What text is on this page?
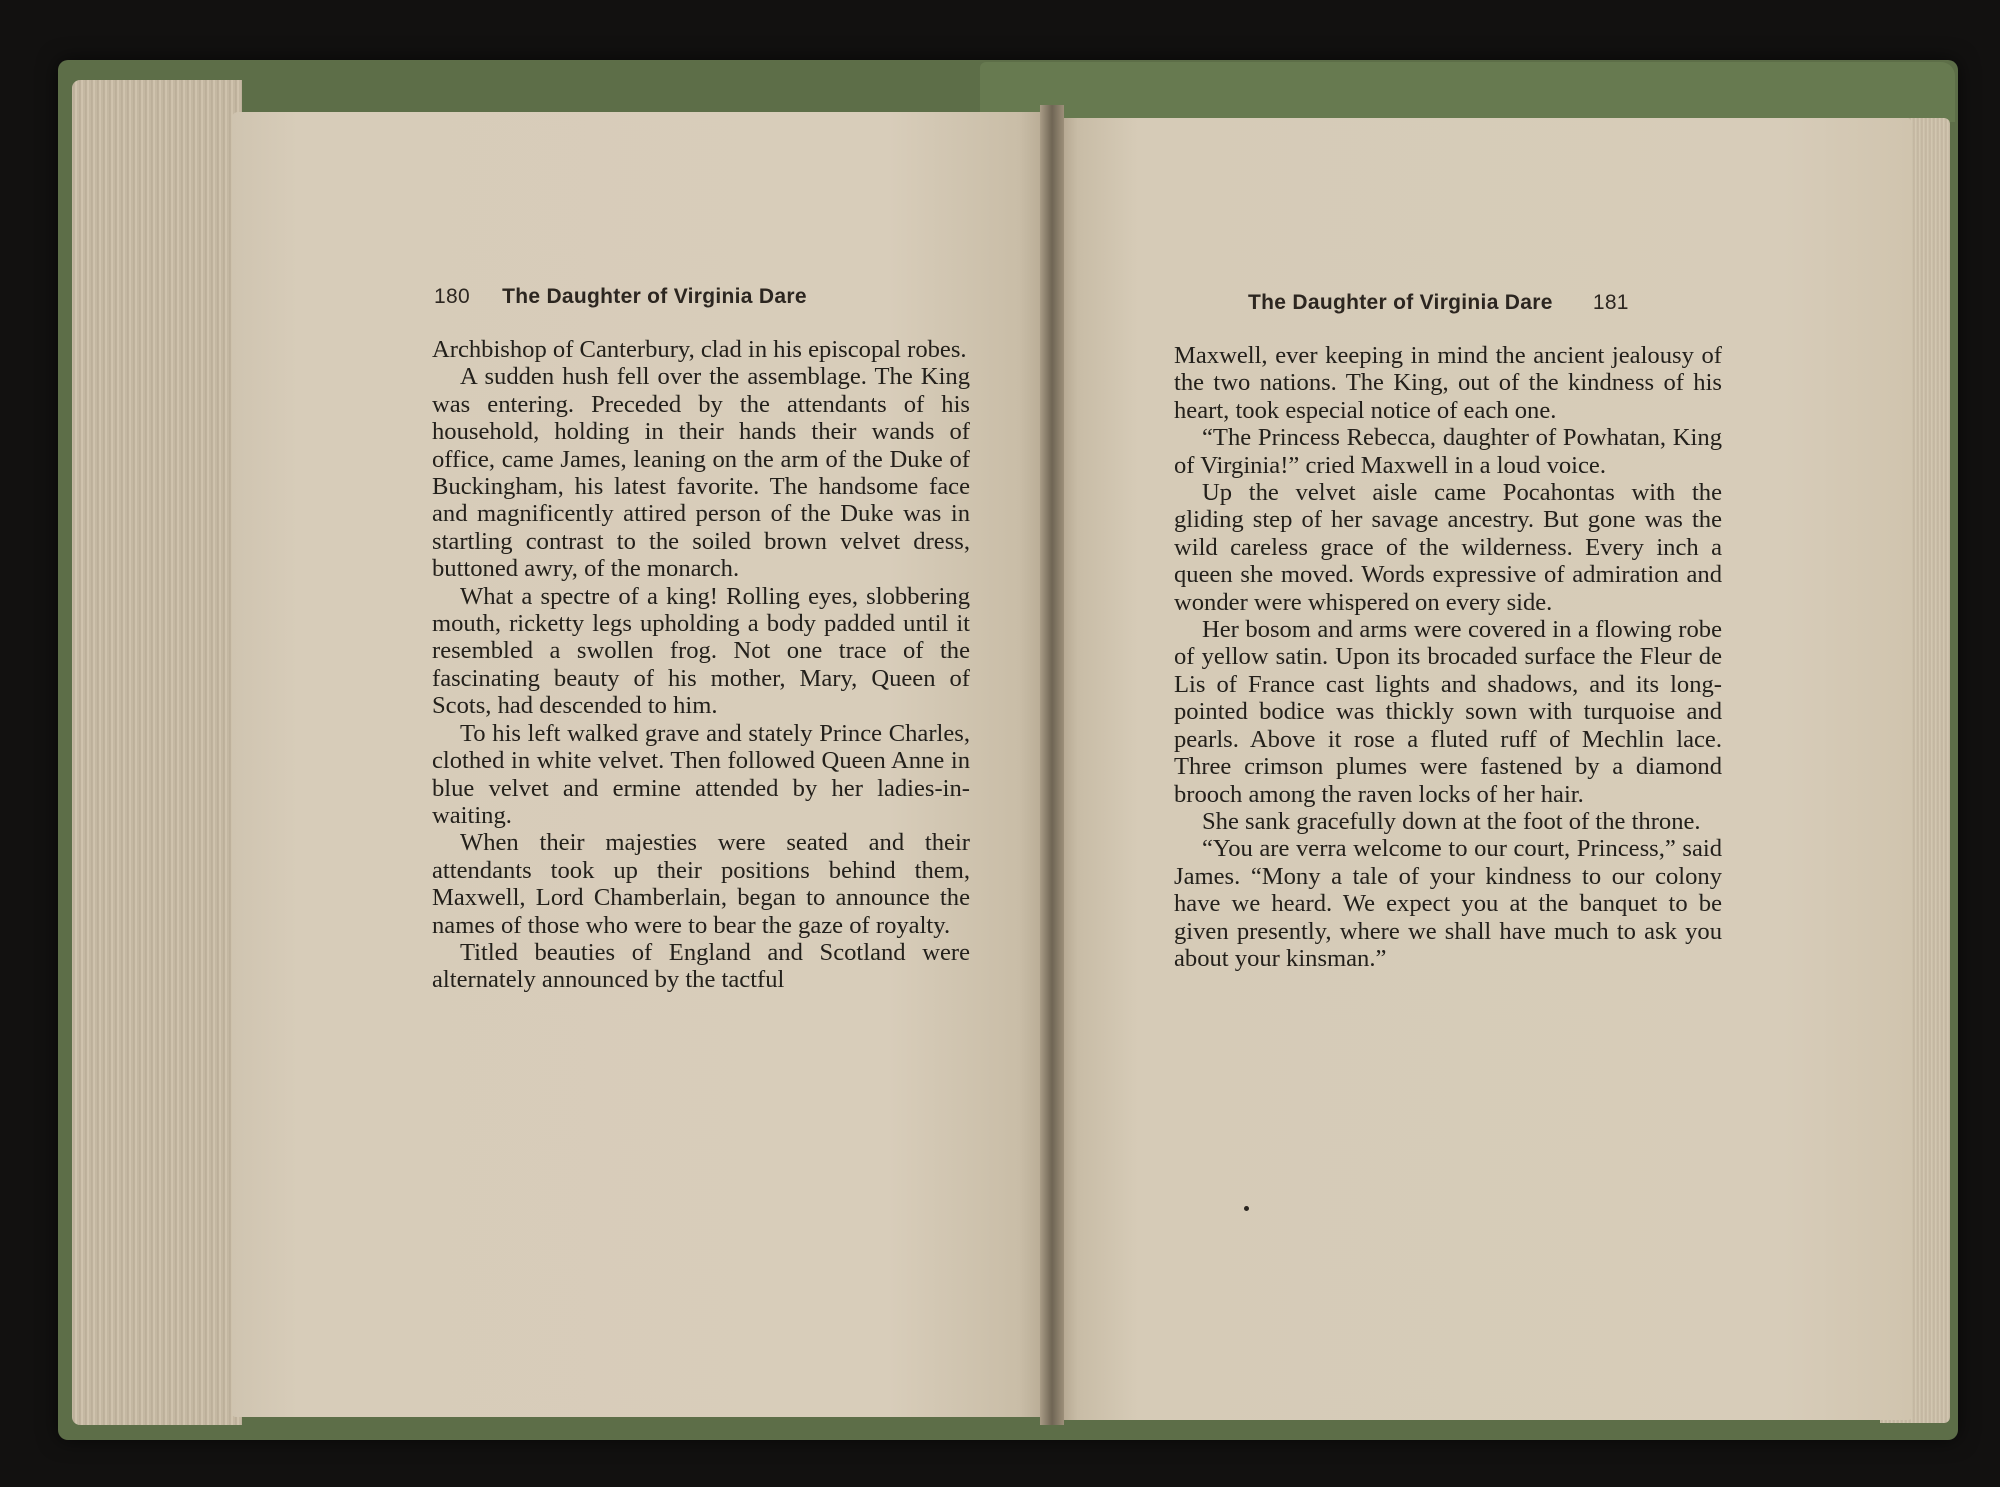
180 The Daughter of Virginia Dare

Archbishop of Canterbury, clad in his episcopal robes.

A sudden hush fell over the assemblage. The King was entering. Preceded by the attendants of his household, holding in their hands their wands of office, came James, leaning on the arm of the Duke of Buckingham, his latest favorite. The handsome face and magnificently attired person of the Duke was in startling contrast to the soiled brown velvet dress, buttoned awry, of the monarch.

What a spectre of a king! Rolling eyes, slobbering mouth, ricketty legs upholding a body padded until it resembled a swollen frog. Not one trace of the fascinating beauty of his mother, Mary, Queen of Scots, had descended to him.

To his left walked grave and stately Prince Charles, clothed in white velvet. Then followed Queen Anne in blue velvet and ermine attended by her ladies-in-waiting.

When their majesties were seated and their attendants took up their positions behind them, Maxwell, Lord Chamberlain, began to announce the names of those who were to bear the gaze of royalty.

Titled beauties of England and Scotland were alternately announced by the tactful

The Daughter of Virginia Dare 181

Maxwell, ever keeping in mind the ancient jealousy of the two nations. The King, out of the kindness of his heart, took especial notice of each one.

“The Princess Rebecca, daughter of Powhatan, King of Virginia!” cried Maxwell in a loud voice.

Up the velvet aisle came Pocahontas with the gliding step of her savage ancestry. But gone was the wild careless grace of the wilderness. Every inch a queen she moved. Words expressive of admiration and wonder were whispered on every side.

Her bosom and arms were covered in a flowing robe of yellow satin. Upon its brocaded surface the Fleur de Lis of France cast lights and shadows, and its long-pointed bodice was thickly sown with turquoise and pearls. Above it rose a fluted ruff of Mechlin lace. Three crimson plumes were fastened by a diamond brooch among the raven locks of her hair.

She sank gracefully down at the foot of the throne.

“You are verra welcome to our court, Princess,” said James. “Mony a tale of your kindness to our colony have we heard. We expect you at the banquet to be given presently, where we shall have much to ask you about your kinsman.”
